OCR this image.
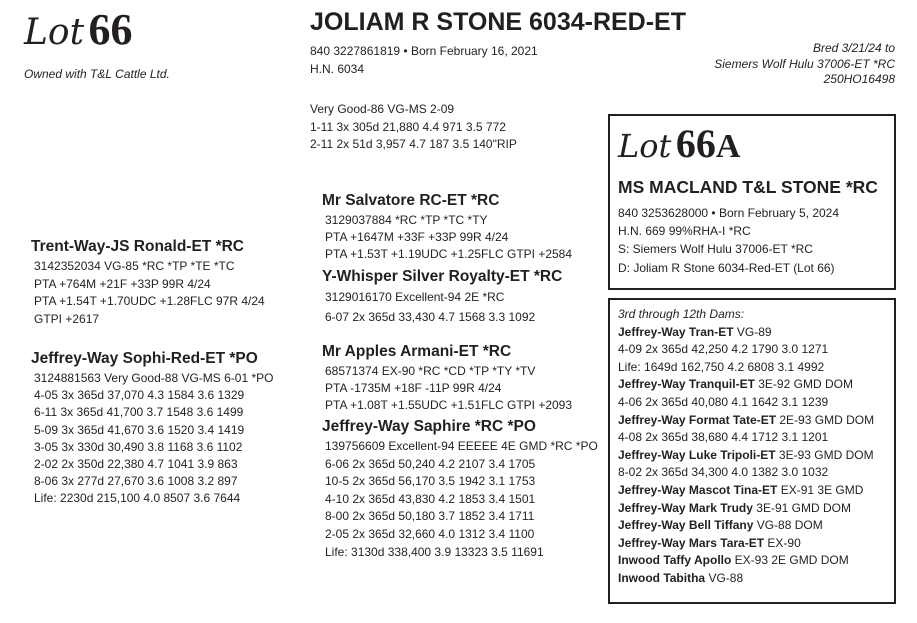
Lot 66
Owned with T&L Cattle Ltd.
JOLIAM R STONE 6034-RED-ET
840 3227861819 • Born February 16, 2021
H.N. 6034
Bred 3/21/24 to
Siemers Wolf Hulu 37006-ET *RC
250HO16498
Very Good-86 VG-MS 2-09
1-11 3x 305d 21,880 4.4 971 3.5 772
2-11 2x 51d 3,957 4.7 187 3.5 140"RIP
Trent-Way-JS Ronald-ET *RC
3142352034 VG-85 *RC *TP *TE *TC
PTA +764M +21F +33P 99R 4/24
PTA +1.54T +1.70UDC +1.28FLC 97R 4/24
GTPI +2617
Jeffrey-Way Sophi-Red-ET *PO
3124881563 Very Good-88 VG-MS 6-01 *PO
4-05 3x 365d 37,070 4.3 1584 3.6 1329
6-11 3x 365d 41,700 3.7 1548 3.6 1499
5-09 3x 365d 41,670 3.6 1520 3.4 1419
3-05 3x 330d 30,490 3.8 1168 3.6 1102
2-02 2x 350d 22,380 4.7 1041 3.9 863
8-06 3x 277d 27,670 3.6 1008 3.2 897
Life: 2230d 215,100 4.0 8507 3.6 7644
Mr Salvatore RC-ET *RC
3129037884 *RC *TP *TC *TY
PTA +1647M +33F +33P 99R 4/24
PTA +1.53T +1.19UDC +1.25FLC GTPI +2584
Y-Whisper Silver Royalty-ET *RC
3129016170 Excellent-94 2E *RC
6-07 2x 365d 33,430 4.7 1568 3.3 1092
Mr Apples Armani-ET *RC
68571374 EX-90 *RC *CD *TP *TY *TV
PTA -1735M +18F -11P 99R 4/24
PTA +1.08T +1.55UDC +1.51FLC GTPI +2093
Jeffrey-Way Saphire *RC *PO
139756609 Excellent-94 EEEEE 4E GMD *RC *PO
6-06 2x 365d 50,240 4.2 2107 3.4 1705
10-5 2x 365d 56,170 3.5 1942 3.1 1753
4-10 2x 365d 43,830 4.2 1853 3.4 1501
8-00 2x 365d 50,180 3.7 1852 3.4 1711
2-05 2x 365d 32,660 4.0 1312 3.4 1100
Life: 3130d 338,400 3.9 13323 3.5 11691
Lot 66A
MS MACLAND T&L STONE *RC
840 3253628000 • Born February 5, 2024
H.N. 669 99%RHA-I *RC
S: Siemers Wolf Hulu 37006-ET *RC
D: Joliam R Stone 6034-Red-ET (Lot 66)
3rd through 12th Dams:
Jeffrey-Way Tran-ET VG-89
4-09 2x 365d 42,250 4.2 1790 3.0 1271
Life: 1649d 162,750 4.2 6808 3.1 4992
Jeffrey-Way Tranquil-ET 3E-92 GMD DOM
4-06 2x 365d 40,080 4.1 1642 3.1 1239
Jeffrey-Way Format Tate-ET 2E-93 GMD DOM
4-08 2x 365d 38,680 4.4 1712 3.1 1201
Jeffrey-Way Luke Tripoli-ET 3E-93 GMD DOM
8-02 2x 365d 34,300 4.0 1382 3.0 1032
Jeffrey-Way Mascot Tina-ET EX-91 3E GMD
Jeffrey-Way Mark Trudy 3E-91 GMD DOM
Jeffrey-Way Bell Tiffany VG-88 DOM
Jeffrey-Way Mars Tara-ET EX-90
Inwood Taffy Apollo EX-93 2E GMD DOM
Inwood Tabitha VG-88
